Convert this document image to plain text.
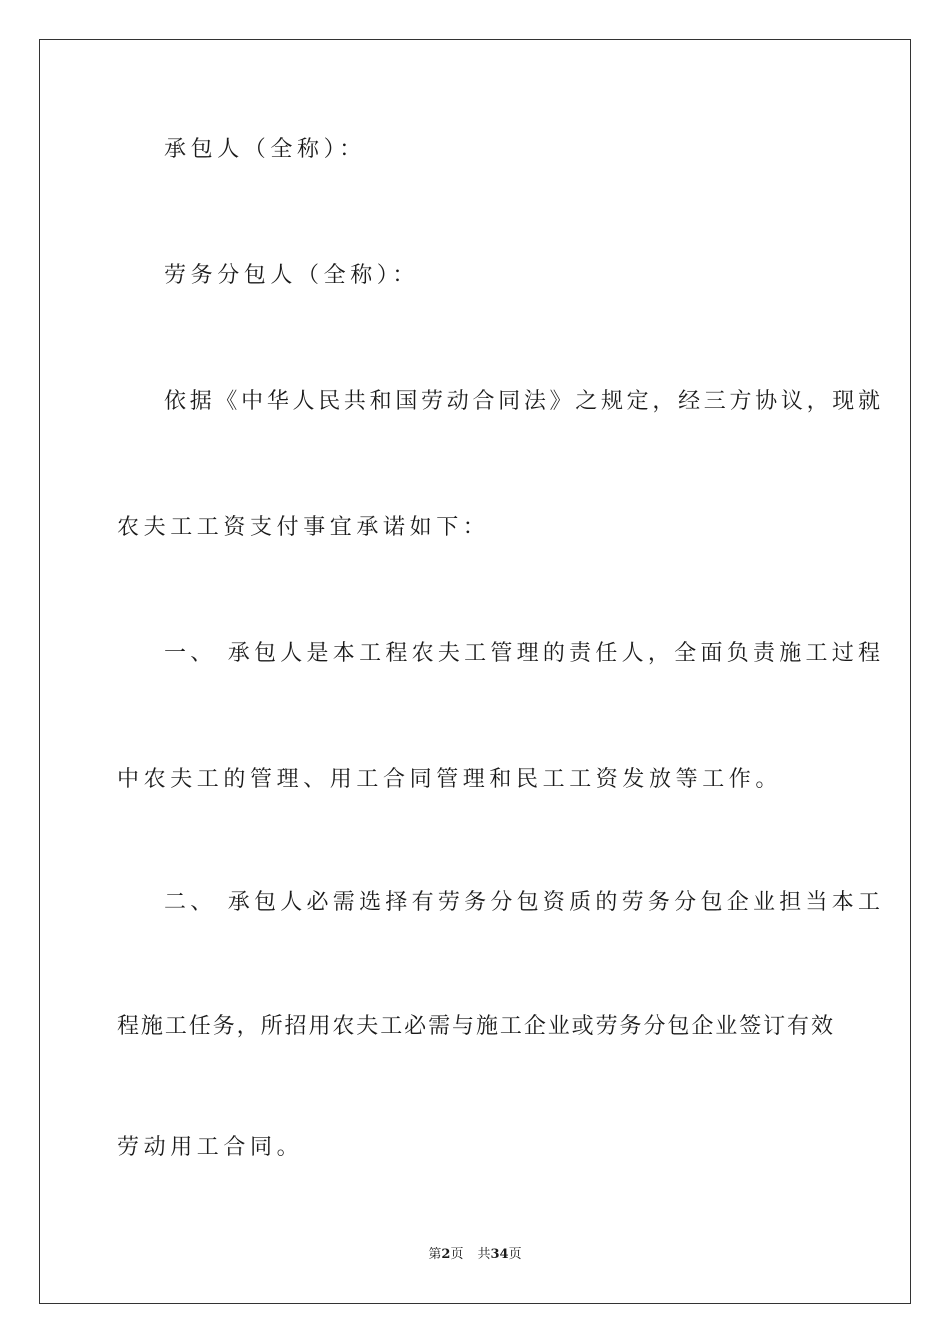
承包人（全称）：
劳务分包人（全称）：
依据《中华人民共和国劳动合同法》之规定，经三方协议，现就
农夫工工资支付事宜承诺如下：
一、 承包人是本工程农夫工管理的责任人，全面负责施工过程
中农夫工的管理、用工合同管理和民工工资发放等工作。
二、 承包人必需选择有劳务分包资质的劳务分包企业担当本工
程施工任务，所招用农夫工必需与施工企业或劳务分包企业签订有效
劳动用工合同。
第2页 共34页
